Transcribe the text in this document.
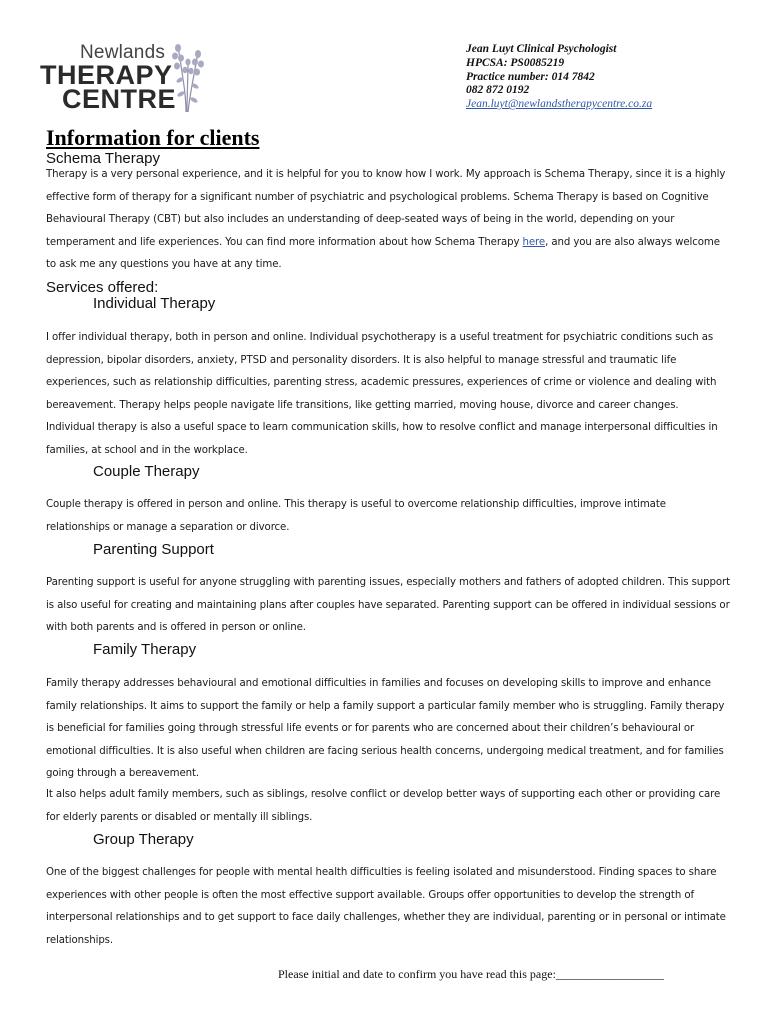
Newlands
THERAPY
CENTRE
Jean Luyt Clinical Psychologist
HPCSA: PS0085219
Practice number: 014 7842
082 872 0192
Jean.luyt@newlandstherapycentre.co.za
Information for clients
Schema Therapy

Therapy is a very personal experience, and it is helpful for you to know how I work. My approach is Schema Therapy, since it is a highly effective form of therapy for a significant number of psychiatric and psychological problems. Schema Therapy is based on Cognitive Behavioural Therapy (CBT) but also includes an understanding of deep-seated ways of being in the world, depending on your temperament and life experiences. You can find more information about how Schema Therapy here, and you are also always welcome to ask me any questions you have at any time.

Services offered:
Individual Therapy

I offer individual therapy, both in person and online. Individual psychotherapy is a useful treatment for psychiatric conditions such as depression, bipolar disorders, anxiety, PTSD and personality disorders. It is also helpful to manage stressful and traumatic life experiences, such as relationship difficulties, parenting stress, academic pressures, experiences of crime or violence and dealing with bereavement. Therapy helps people navigate life transitions, like getting married, moving house, divorce and career changes. Individual therapy is also a useful space to learn communication skills, how to resolve conflict and manage interpersonal difficulties in families, at school and in the workplace.

Couple Therapy

Couple therapy is offered in person and online. This therapy is useful to overcome relationship difficulties, improve intimate relationships or manage a separation or divorce.

Parenting Support

Parenting support is useful for anyone struggling with parenting issues, especially mothers and fathers of adopted children. This support is also useful for creating and maintaining plans after couples have separated. Parenting support can be offered in individual sessions or with both parents and is offered in person or online.

Family Therapy

Family therapy addresses behavioural and emotional difficulties in families and focuses on developing skills to improve and enhance family relationships. It aims to support the family or help a family support a particular family member who is struggling. Family therapy is beneficial for families going through stressful life events or for parents who are concerned about their children’s behavioural or emotional difficulties. It is also useful when children are facing serious health concerns, undergoing medical treatment, and for families going through a bereavement.

It also helps adult family members, such as siblings, resolve conflict or develop better ways of supporting each other or providing care for elderly parents or disabled or mentally ill siblings.

Group Therapy

One of the biggest challenges for people with mental health difficulties is feeling isolated and misunderstood. Finding spaces to share experiences with other people is often the most effective support available. Groups offer opportunities to develop the strength of interpersonal relationships and to get support to face daily challenges, whether they are individual, parenting or in personal or intimate relationships.

Please initial and date to confirm you have read this page:__________________
